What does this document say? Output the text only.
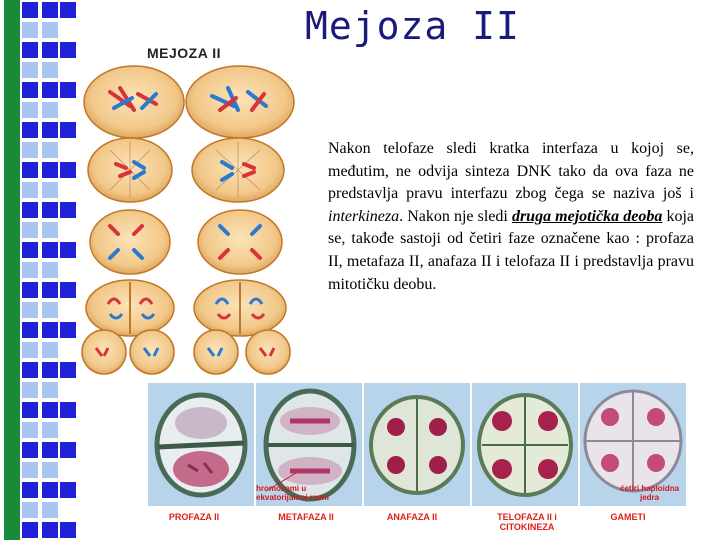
Mejoza II
MEJOZA II
Nakon telofaze sledi kratka interfaza u kojoj se, međutim, ne odvija sinteza DNK tako da ova faza ne predstavlja pravu interfazu zbog čega se naziva još i interkineza. Nakon nje sledi druga mejotička deoba koja se, takođe sastoji od četiri faze označene kao : profaza II, metafaza II, anafaza II i telofaza II i predstavlja pravu mitotičku deobu.
hromozomi u
ekvatorijalnoj ravni
ćetiri haploidna
jedra
PROFAZA II	METAFAZA II	ANAFAZA II	TELOFAZA II i
CITOKINEZA
GAMETI
